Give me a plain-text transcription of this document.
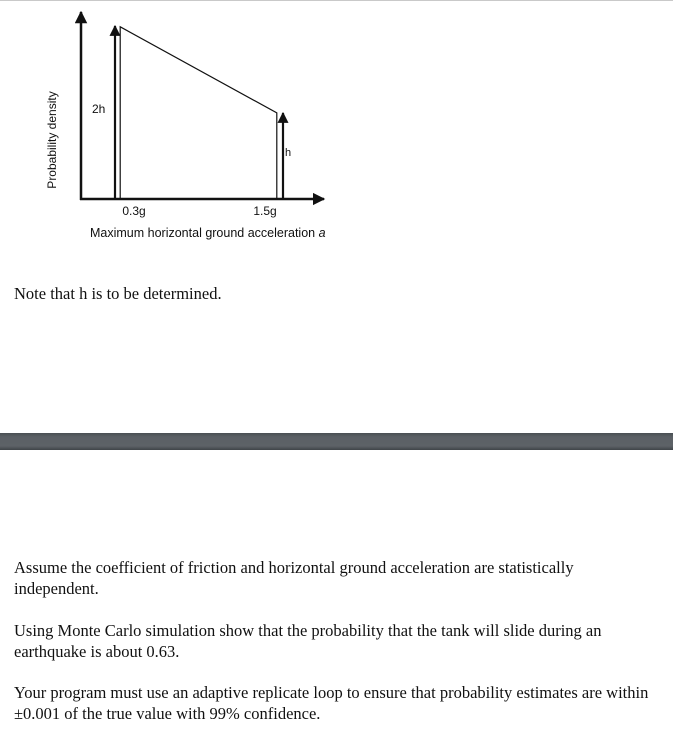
Probability density	2h
h
0.3g	1.5g
Maximum horizontal ground acceleration a

Note that h is to be determined.

Assume the coefficient of friction and horizontal ground acceleration are statistically independent.

Using Monte Carlo simulation show that the probability that the tank will slide during an earthquake is about 0.63.

Your program must use an adaptive replicate loop to ensure that probability estimates are within ±0.001 of the true value with 99% confidence.
